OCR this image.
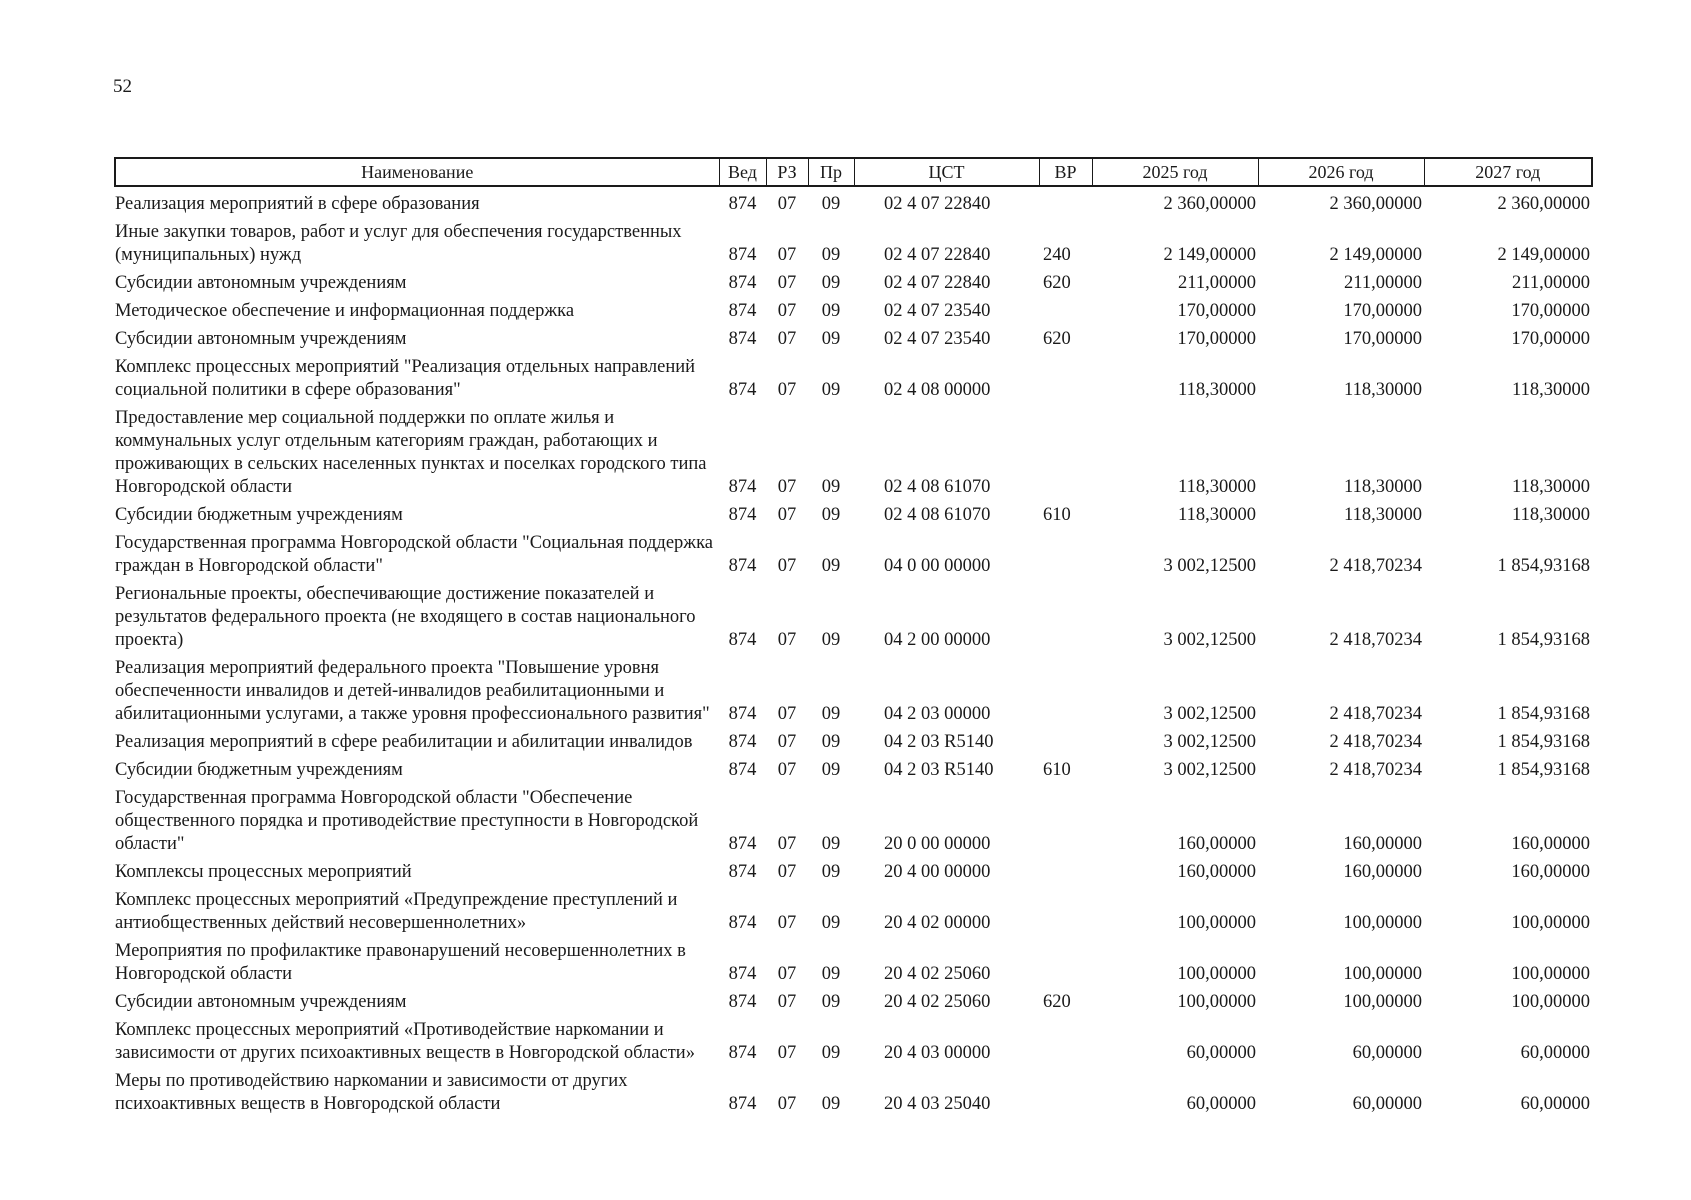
52
Наименование	Вед	РЗ	Пр	ЦСТ	ВР	2025 год	2026 год	2027 год
Реализация мероприятий в сфере образования	874	07	09	02 4 07 22840		2 360,00000	2 360,00000	2 360,00000
Иные закупки товаров, работ и услуг для обеспечения государственных (муниципальных) нужд	874	07	09	02 4 07 22840	240	2 149,00000	2 149,00000	2 149,00000
Субсидии автономным учреждениям	874	07	09	02 4 07 22840	620	211,00000	211,00000	211,00000
Методическое обеспечение и информационная поддержка	874	07	09	02 4 07 23540		170,00000	170,00000	170,00000
Субсидии автономным учреждениям	874	07	09	02 4 07 23540	620	170,00000	170,00000	170,00000
Комплекс процессных мероприятий "Реализация отдельных направлений социальной политики в сфере образования"	874	07	09	02 4 08 00000		118,30000	118,30000	118,30000
Предоставление мер социальной поддержки по оплате жилья и коммунальных услуг отдельным категориям граждан, работающих и проживающих в сельских населенных пунктах и поселках городского типа Новгородской области	874	07	09	02 4 08 61070		118,30000	118,30000	118,30000
Субсидии бюджетным учреждениям	874	07	09	02 4 08 61070	610	118,30000	118,30000	118,30000
Государственная программа Новгородской области "Социальная поддержка граждан в Новгородской области"	874	07	09	04 0 00 00000		3 002,12500	2 418,70234	1 854,93168
Региональные проекты, обеспечивающие достижение показателей и результатов федерального проекта (не входящего в состав национального проекта)	874	07	09	04 2 00 00000		3 002,12500	2 418,70234	1 854,93168
Реализация мероприятий федерального проекта "Повышение уровня обеспеченности инвалидов и детей-инвалидов реабилитационными и абилитационными услугами, а также уровня профессионального развития"	874	07	09	04 2 03 00000		3 002,12500	2 418,70234	1 854,93168
Реализация мероприятий в сфере реабилитации и абилитации инвалидов	874	07	09	04 2 03 R5140		3 002,12500	2 418,70234	1 854,93168
Субсидии бюджетным учреждениям	874	07	09	04 2 03 R5140	610	3 002,12500	2 418,70234	1 854,93168
Государственная программа Новгородской области "Обеспечение общественного порядка и противодействие преступности в Новгородской области"	874	07	09	20 0 00 00000		160,00000	160,00000	160,00000
Комплексы процессных мероприятий	874	07	09	20 4 00 00000		160,00000	160,00000	160,00000
Комплекс процессных мероприятий «Предупреждение преступлений и антиобщественных действий несовершеннолетних»	874	07	09	20 4 02 00000		100,00000	100,00000	100,00000
Мероприятия по профилактике правонарушений несовершеннолетних в Новгородской области	874	07	09	20 4 02 25060		100,00000	100,00000	100,00000
Субсидии автономным учреждениям	874	07	09	20 4 02 25060	620	100,00000	100,00000	100,00000
Комплекс процессных мероприятий «Противодействие наркомании и зависимости от других психоактивных веществ в Новгородской области»	874	07	09	20 4 03 00000		60,00000	60,00000	60,00000
Меры по противодействию наркомании и зависимости от других психоактивных веществ в Новгородской области	874	07	09	20 4 03 25040		60,00000	60,00000	60,00000
